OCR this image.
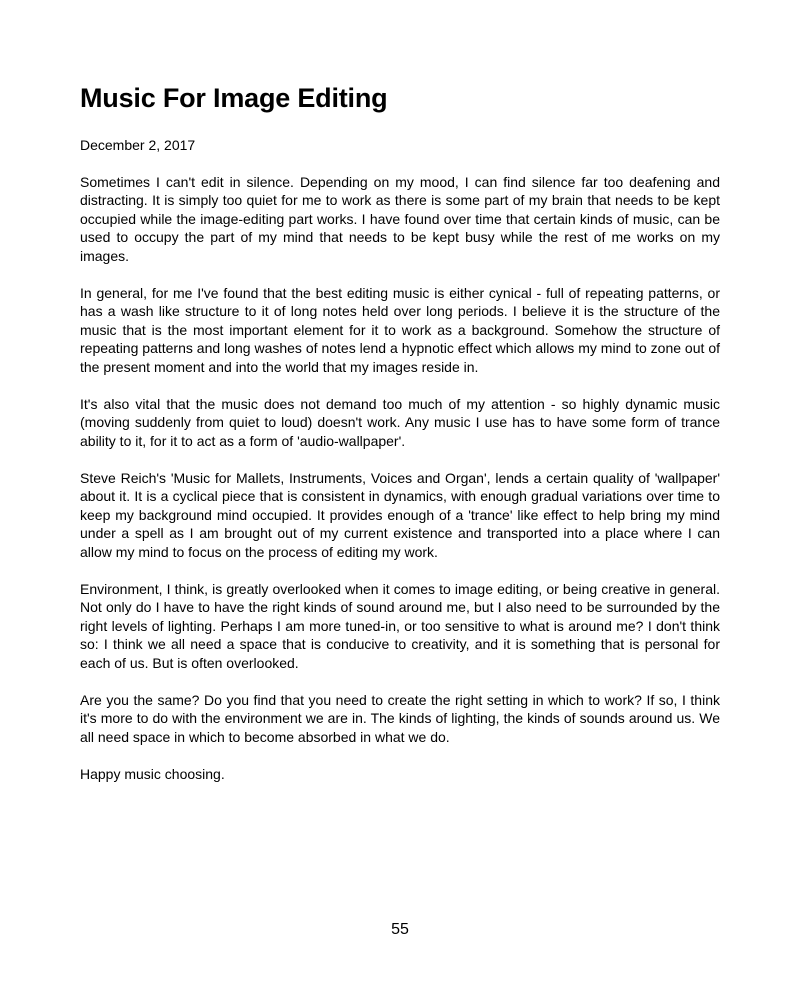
Music For Image Editing
December 2, 2017

Sometimes I can't edit in silence. Depending on my mood, I can find silence far too deafening and distracting. It is simply too quiet for me to work as there is some part of my brain that needs to be kept occupied while the image-editing part works. I have found over time that certain kinds of music, can be used to occupy the part of my mind that needs to be kept busy while the rest of me works on my images.

In general, for me I've found that the best editing music is either cynical - full of repeating patterns, or has a wash like structure to it of long notes held over long periods. I believe it is the structure of the music that is the most important element for it to work as a background. Somehow the structure of repeating patterns and long washes of notes lend a hypnotic effect which allows my mind to zone out of the present moment and into the world that my images reside in.

It's also vital that the music does not demand too much of my attention - so highly dynamic music (moving suddenly from quiet to loud) doesn't work. Any music I use has to have some form of trance ability to it, for it to act as a form of 'audio-wallpaper'.

Steve Reich's 'Music for Mallets, Instruments, Voices and Organ', lends a certain quality of 'wallpaper' about it. It is a cyclical piece that is consistent in dynamics, with enough gradual variations over time to keep my background mind occupied. It provides enough of a 'trance' like effect to help bring my mind under a spell as I am brought out of my current existence and transported into a place where I can allow my mind to focus on the process of editing my work.

Environment, I think, is greatly overlooked when it comes to image editing, or being creative in general. Not only do I have to have the right kinds of sound around me, but I also need to be surrounded by the right levels of lighting. Perhaps I am more tuned-in, or too sensitive to what is around me? I don't think so: I think we all need a space that is conducive to creativity, and it is something that is personal for each of us. But is often overlooked.

Are you the same? Do you find that you need to create the right setting in which to work? If so, I think it's more to do with the environment we are in. The kinds of lighting, the kinds of sounds around us. We all need space in which to become absorbed in what we do.

Happy music choosing.

55
